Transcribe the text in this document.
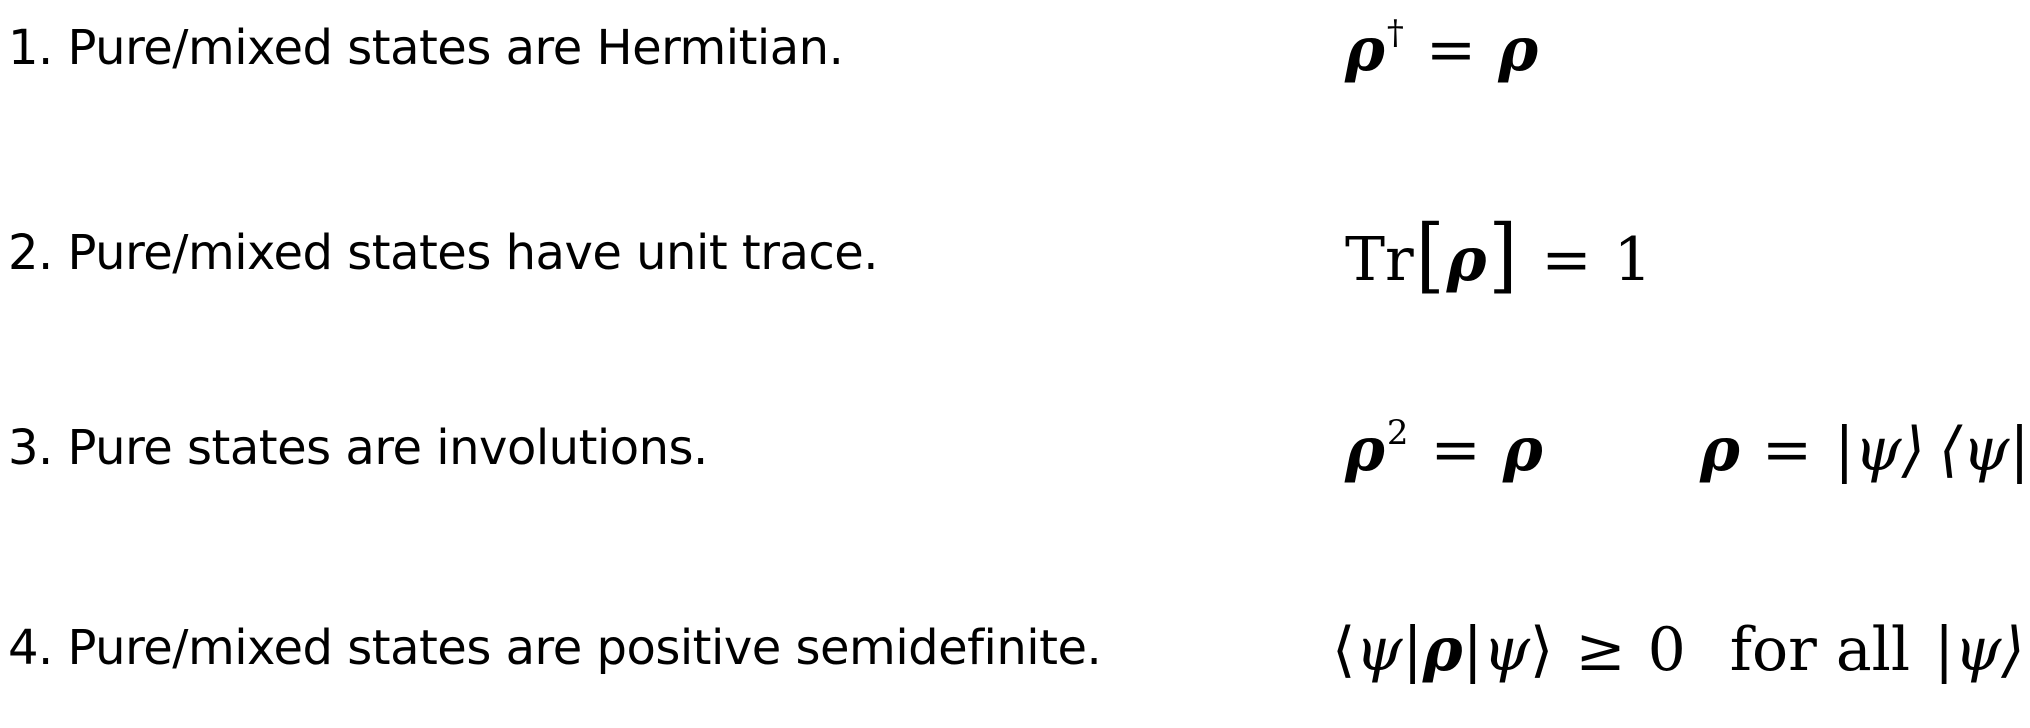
1. Pure/mixed states are Hermitian.	ρ† = ρ
2. Pure/mixed states have unit trace.	Tr[ρ] = 1
3. Pure states are involutions.	$\rho^2 = \rho$	ρ = |ψ⟩ ⟨ψ|
4. Pure/mixed states are positive semidefinite.	⟨ψ|ρ|ψ⟩ ≥ 0 for all |ψ⟩
